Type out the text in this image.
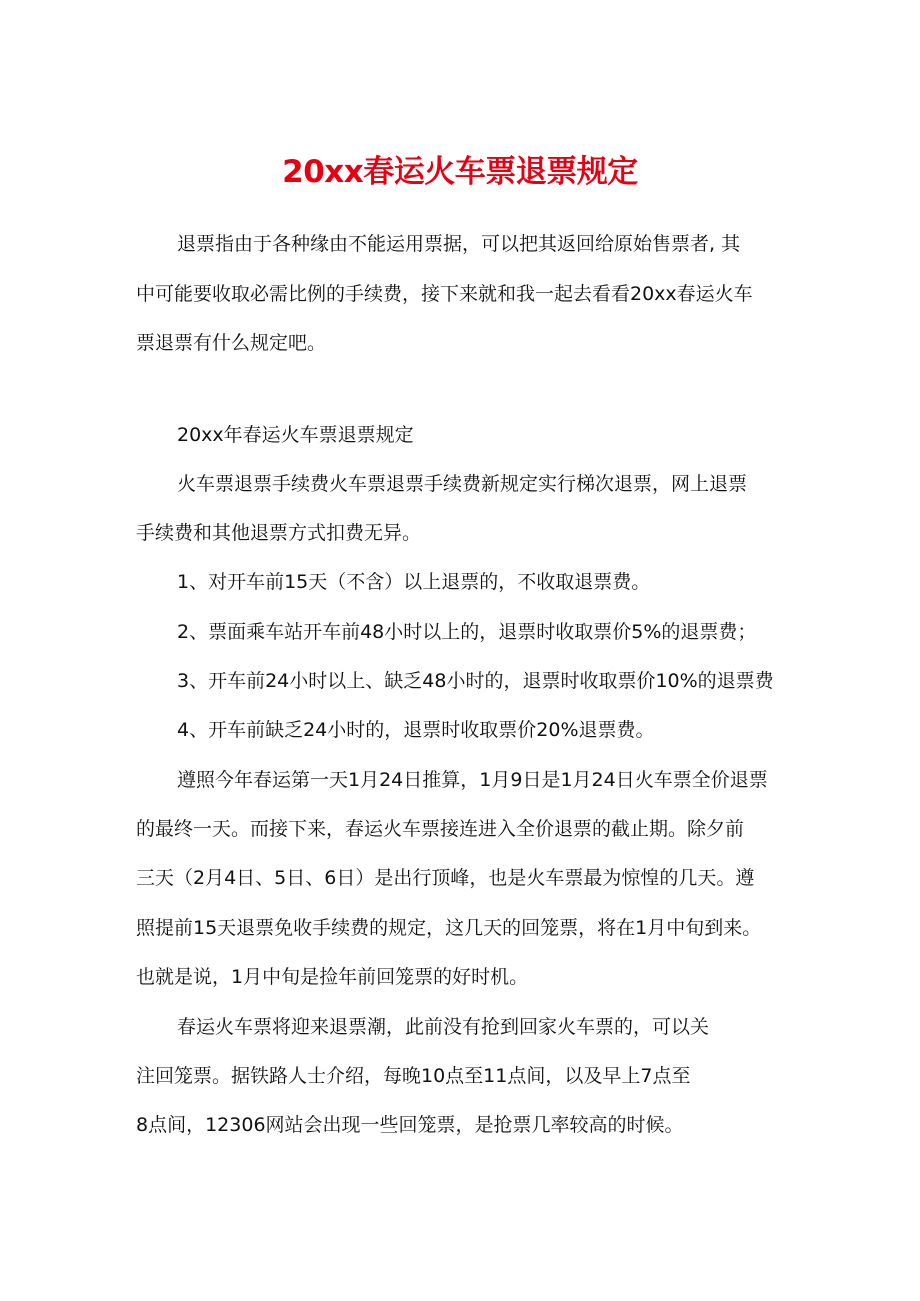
20xx春运火车票退票规定
退票指由于各种缘由不能运用票据，可以把其返回给原始售票者, 其
中可能要收取必需比例的手续费，接下来就和我一起去看看20xx春运火车
票退票有什么规定吧。
20xx年春运火车票退票规定
火车票退票手续费火车票退票手续费新规定实行梯次退票，网上退票
手续费和其他退票方式扣费无异。
1、对开车前15天（不含）以上退票的，不收取退票费。
2、票面乘车站开车前48小时以上的，退票时收取票价5%的退票费；
3、开车前24小时以上、缺乏48小时的，退票时收取票价10%的退票费
4、开车前缺乏24小时的，退票时收取票价20%退票费。
遵照今年春运第一天1月24日推算，1月9日是1月24日火车票全价退票
的最终一天。而接下来，春运火车票接连进入全价退票的截止期。除夕前
三天（2月4日、5日、6日）是出行顶峰，也是火车票最为惊惶的几天。遵
照提前15天退票免收手续费的规定，这几天的回笼票，将在1月中旬到来。
也就是说，1月中旬是捡年前回笼票的好时机。
春运火车票将迎来退票潮，此前没有抢到回家火车票的，可以关
注回笼票。据铁路人士介绍，每晚10点至11点间，以及早上7点至
8点间，12306网站会出现一些回笼票，是抢票几率较高的时候。
